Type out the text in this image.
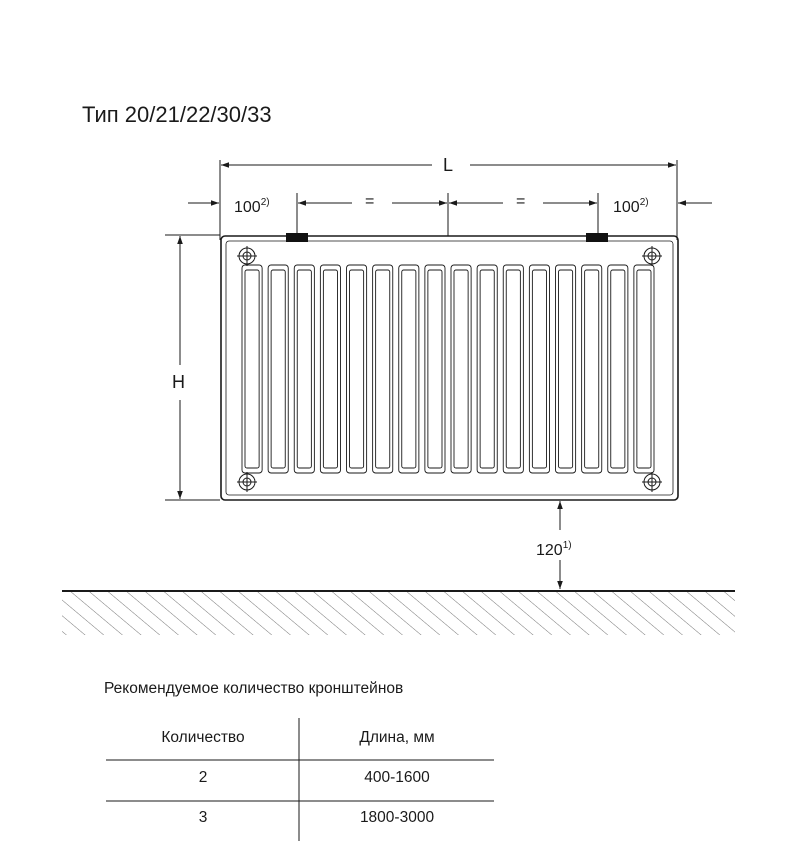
Тип 20/21/22/30/33
L
H
$100^{2)}$	=	=	$100^{2)}$
120$^{1)}$
Рекомендуемое количество кронштейнов
Количество	Длина, мм
2	400-1600
3	1800-3000
